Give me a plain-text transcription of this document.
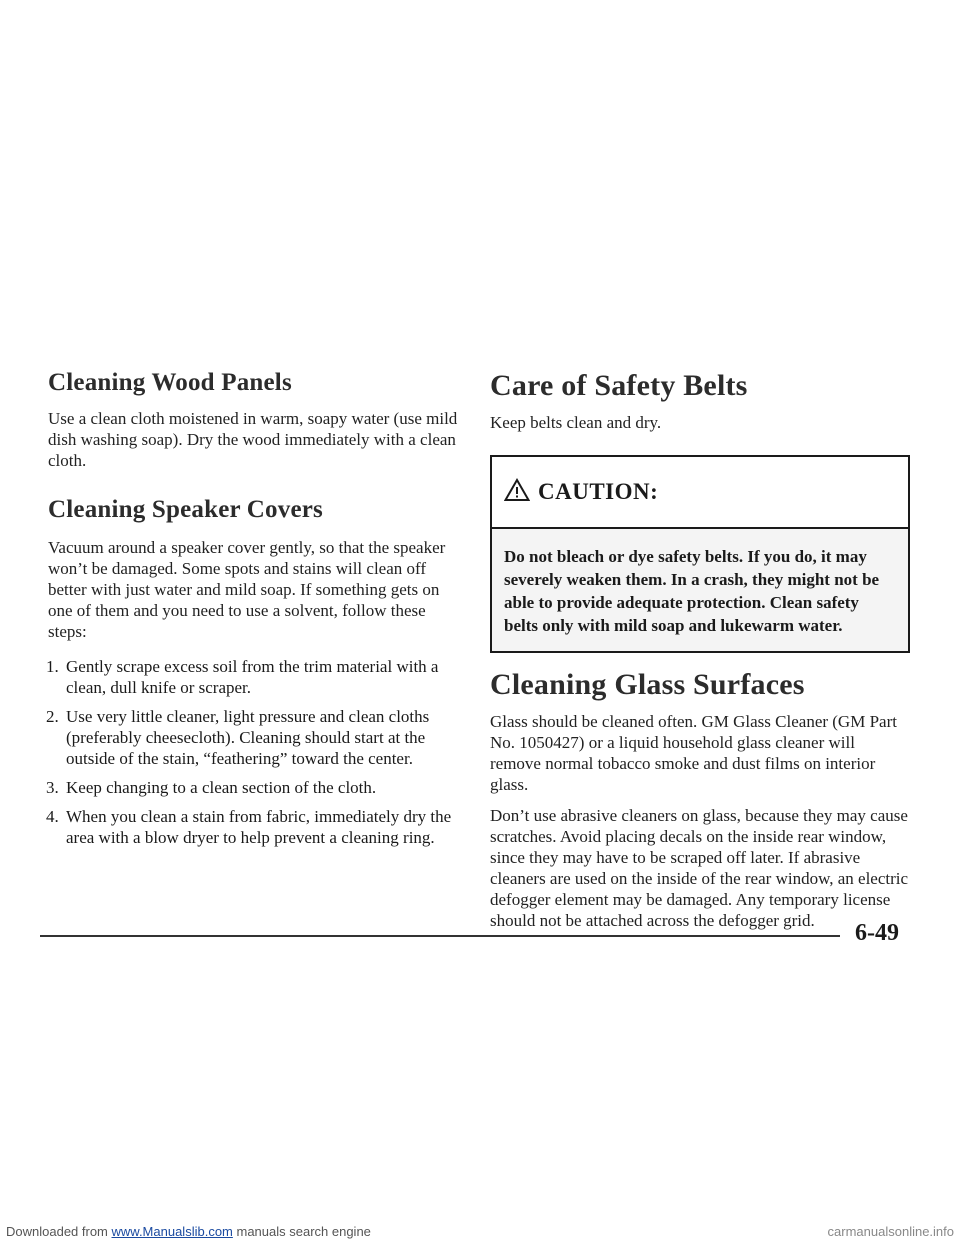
Cleaning Wood Panels

Use a clean cloth moistened in warm, soapy water (use mild dish washing soap). Dry the wood immediately with a clean cloth.

Cleaning Speaker Covers

Vacuum around a speaker cover gently, so that the speaker won’t be damaged. Some spots and stains will clean off better with just water and mild soap. If something gets on one of them and you need to use a solvent, follow these steps:

1. Gently scrape excess soil from the trim material with a clean, dull knife or scraper.
2. Use very little cleaner, light pressure and clean cloths (preferably cheesecloth). Cleaning should start at the outside of the stain, “feathering” toward the center.
3. Keep changing to a clean section of the cloth.
4. When you clean a stain from fabric, immediately dry the area with a blow dryer to help prevent a cleaning ring.
Care of Safety Belts

Keep belts clean and dry.

CAUTION:
Do not bleach or dye safety belts. If you do, it may severely weaken them. In a crash, they might not be able to provide adequate protection. Clean safety belts only with mild soap and lukewarm water.
Cleaning Glass Surfaces

Glass should be cleaned often. GM Glass Cleaner (GM Part No. 1050427) or a liquid household glass cleaner will remove normal tobacco smoke and dust films on interior glass.

Don’t use abrasive cleaners on glass, because they may cause scratches. Avoid placing decals on the inside rear window, since they may have to be scraped off later. If abrasive cleaners are used on the inside of the rear window, an electric defogger element may be damaged. Any temporary license should not be attached across the defogger grid.	6-49
Downloaded from www.Manualslib.com manuals search engine	carmanualsonline.info
